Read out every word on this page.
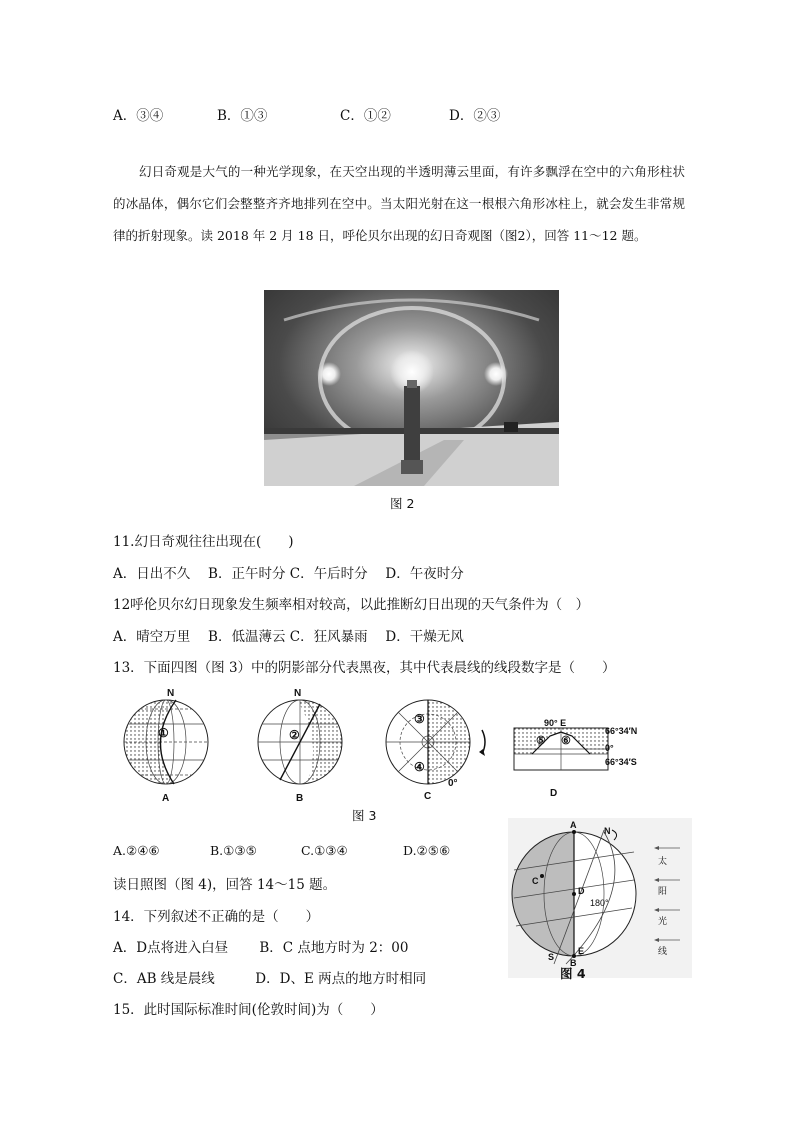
A．③④	B．①③	C．①②	D．②③
幻日奇观是大气的一种光学现象，在天空出现的半透明薄云里面，有许多飘浮在空中的六角形柱状的冰晶体，偶尔它们会整整齐齐地排列在空中。当太阳光射在这一根根六角形冰柱上，就会发生非常规律的折射现象。读 2018 年 2 月 18 日，呼伦贝尔出现的幻日奇观图（图2），回答 11～12 题。
图 2
11.幻日奇观往往出现在(　　)
A．日出不久　 B．正午时分 C．午后时分　 D．午夜时分
12呼伦贝尔幻日现象发生频率相对较高，以此推断幻日出现的天气条件为（　）
A．晴空万里　 B．低温薄云 C．狂风暴雨　 D．干燥无风
13．下面四图（图 3）中的阴影部分代表黑夜，其中代表晨线的线段数字是（　　）
N
①
N
②
③
④
0°
90° E
66°34′N
0°
66°34′S
⑤ ⑥
A	B	C	D
图 3
A.②④⑥	B.①③⑤	C.①③④	D.②⑤⑥
读日照图（图 4)，回答 14～15 题。
14．下列叙述不正确的是（　　）
A．D点将进入白昼　　 B．C 点地方时为 2：00
C．AB 线是晨线　　　D．D、E 两点的地方时相同
15．此时国际标准时间(伦敦时间)为（　　）
A
N
C
D
180°
E
B
S
太
阳
光
线
图 4
